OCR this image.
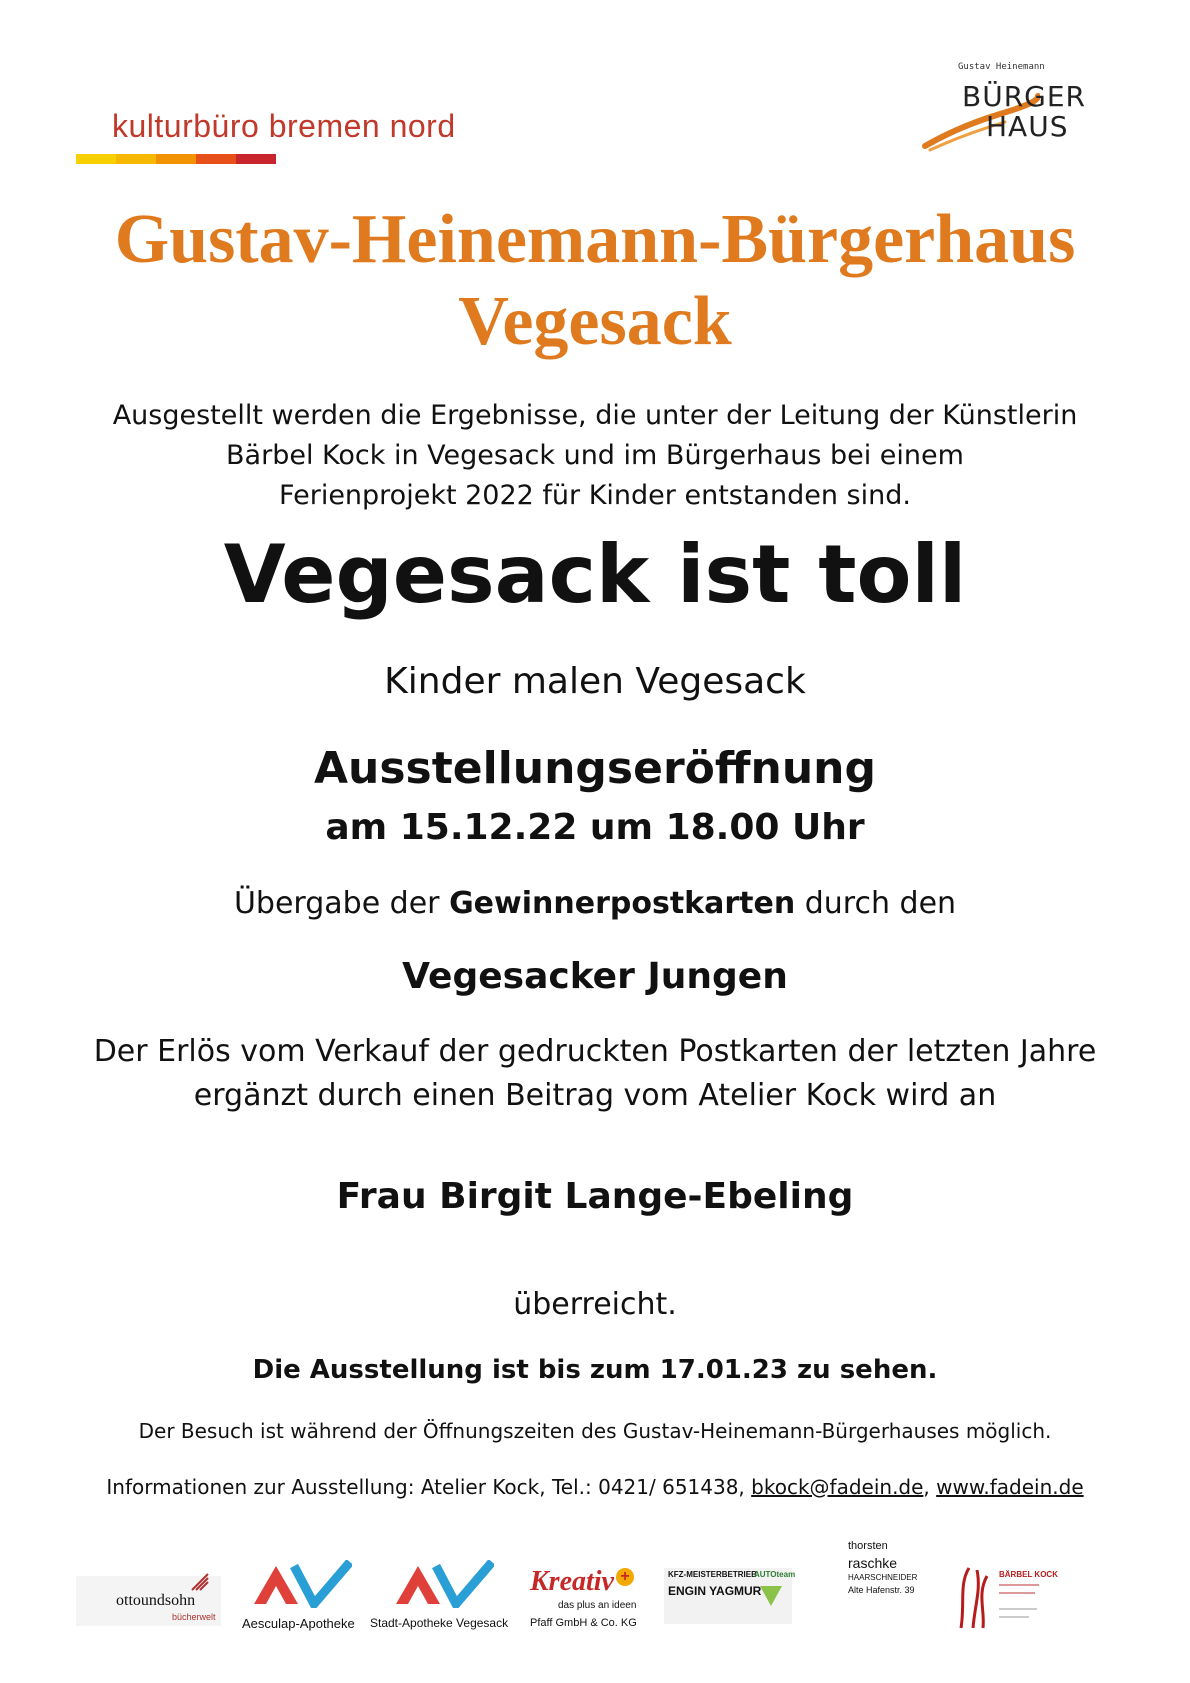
kulturbüro bremen nord
Gustav Heinemann
BÜRGER
HAUS
Gustav-Heinemann-Bürgerhaus
Vegesack
Ausgestellt werden die Ergebnisse, die unter der Leitung der Künstlerin
Bärbel Kock in Vegesack und im Bürgerhaus bei einem
Ferienprojekt 2022 für Kinder entstanden sind.
Vegesack ist toll
Kinder malen Vegesack
Ausstellungseröffnung
am 15.12.22 um 18.00 Uhr
Übergabe der Gewinnerpostkarten durch den
Vegesacker Jungen
Der Erlös vom Verkauf der gedruckten Postkarten der letzten Jahre
ergänzt durch einen Beitrag vom Atelier Kock wird an
Frau Birgit Lange-Ebeling
überreicht.
Die Ausstellung ist bis zum 17.01.23 zu sehen.
Der Besuch ist während der Öffnungszeiten des Gustav-Heinemann-Bürgerhauses möglich.
Informationen zur Ausstellung: Atelier Kock, Tel.: 0421/ 651438, bkock@fadein.de, www.fadein.de
ottoundsohn
bücherwelt Aesculap-Apotheke Stadt-Apotheke Vegesack
Kreativ +
das plus an ideen
Pfaff GmbH & Co. KG
KFZ-MEISTERBETRIEB
ENGIN YAGMUR
AUTOteam
thorsten
raschke
HAARSCHNEIDER
Alte Hafenstr. 39
BÄRBEL KOCK
